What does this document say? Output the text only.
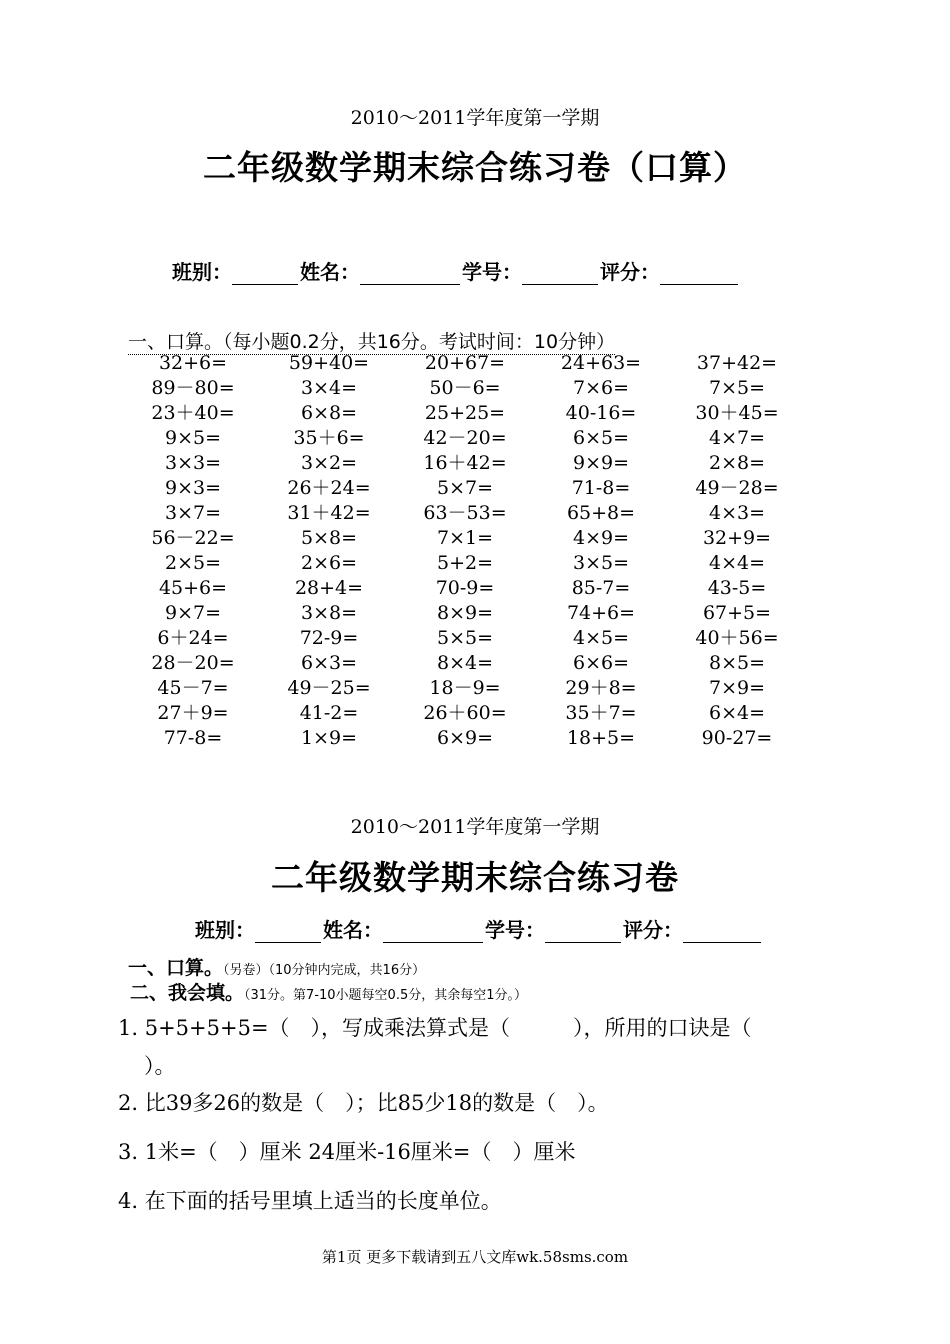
2010～2011学年度第一学期
二年级数学期末综合练习卷（口算）
班别：	姓名：	学号：	评分：
一、口算。（每小题0.2分，共16分。考试时间：10分钟）
32+6=	59+40=	20+67=	24+63=	37+42=
89－80=	3×4=	50－6=	7×6=	7×5=
23＋40=	6×8=	25+25=	40-16=	30＋45=
9×5=	35＋6=	42－20=	6×5=	4×7=
3×3=	3×2=	16＋42=	9×9=	2×8=
9×3=	26＋24=	5×7=	71-8=	49－28=
3×7=	31＋42=	63－53=	65+8=	4×3=
56－22=	5×8=	7×1=	4×9=	32+9=
2×5=	2×6=	5+2=	3×5=	4×4=
45+6=	28+4=	70-9=	85-7=	43-5=
9×7=	3×8=	8×9=	74+6=	67+5=
6＋24=	72-9=	5×5=	4×5=	40＋56=
28－20=	6×3=	8×4=	6×6=	8×5=
45－7=	49－25=	18－9=	29＋8=	7×9=
27＋9=	41-2=	26＋60=	35＋7=	6×4=
77-8=	1×9=	6×9=	18+5=	90-27=
2010～2011学年度第一学期
二年级数学期末综合练习卷
班别：	姓名：	学号：	评分：
一、口算。（另卷）（10分钟内完成，共16分）
二、我会填。（31分。第7-10小题每空0.5分，其余每空1分。）
1. 5+5+5+5=（　），写成乘法算式是（　　　），所用的口诀是（
）。
2. 比39多26的数是（　）；比85少18的数是（　）。
3. 1米=（　）厘米 24厘米-16厘米=（　）厘米
4. 在下面的括号里填上适当的长度单位。
第1页 更多下载请到五八文库wk.58sms.com
